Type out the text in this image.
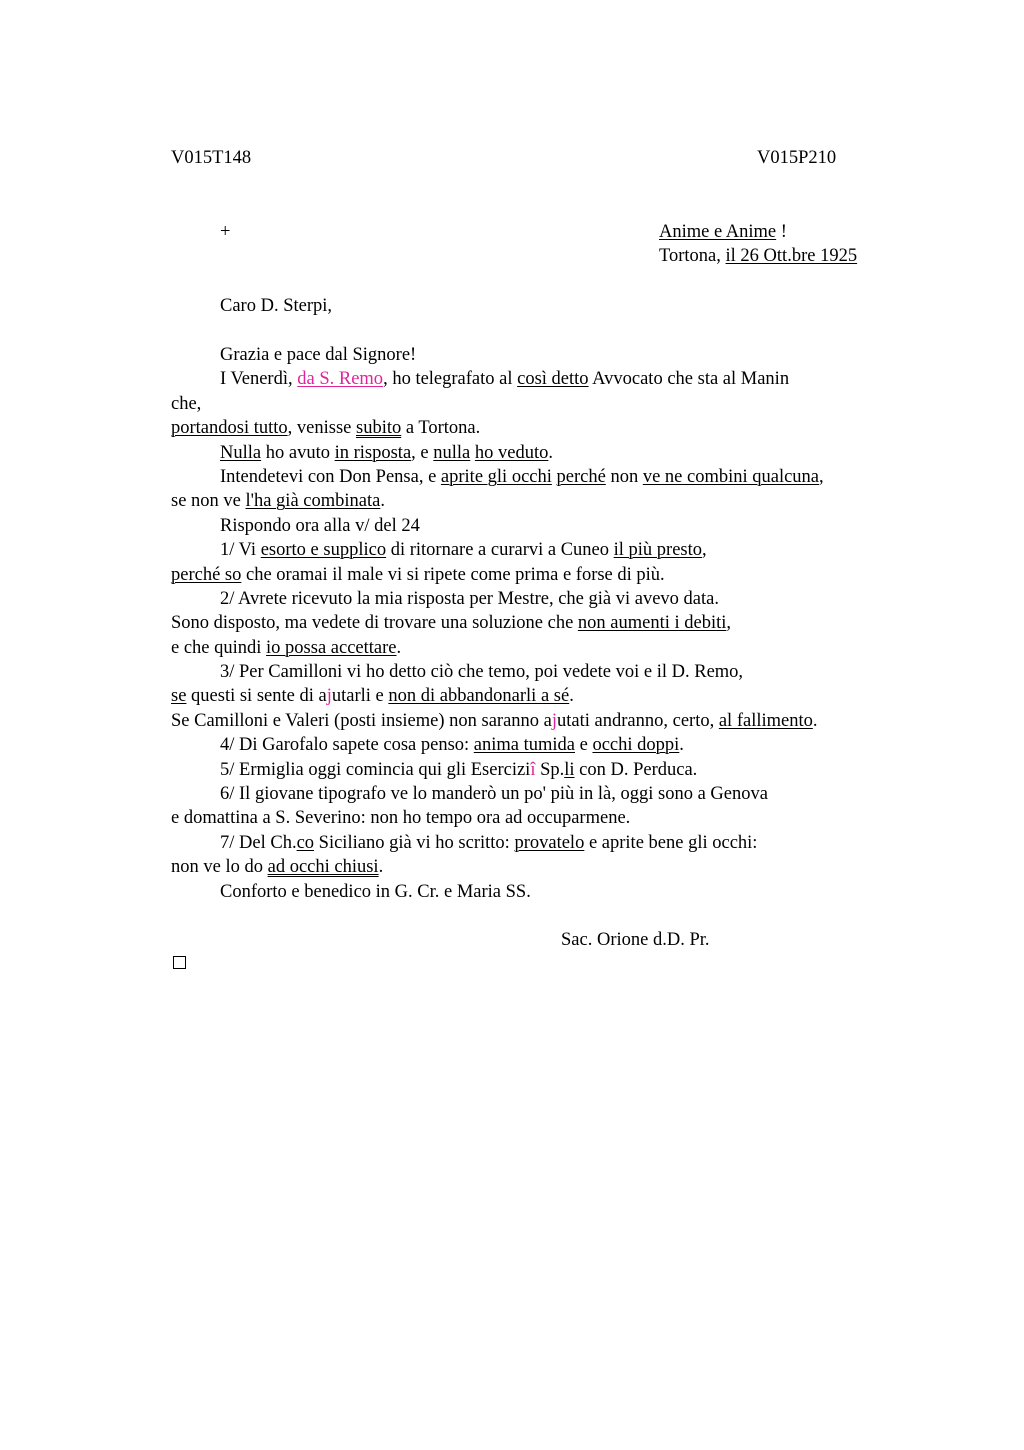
V015T148	V015P210
+	Anime e Anime !
Tortona, il 26 Ott.bre 1925
Caro D. Sterpi,
Grazia e pace dal Signore!
I Venerdì, da S. Remo, ho telegrafato al così detto Avvocato che sta al Manin
che,
portandosi tutto, venisse subito a Tortona.
Nulla ho avuto in risposta, e nulla ho veduto.
Intendetevi con Don Pensa, e aprite gli occhi perché non ve ne combini qualcuna,
se non ve l'ha già combinata.
Rispondo ora alla v/ del 24
1/ Vi esorto e supplico di ritornare a curarvi a Cuneo il più presto,
perché so che oramai il male vi si ripete come prima e forse di più.
2/ Avrete ricevuto la mia risposta per Mestre, che già vi avevo data.
Sono disposto, ma vedete di trovare una soluzione che non aumenti i debiti,
e che quindi io possa accettare.
3/ Per Camilloni vi ho detto ciò che temo, poi vedete voi e il D. Remo,
se questi si sente di ajutarli e non di abbandonarli a sé.
Se Camilloni e Valeri (posti insieme) non saranno ajutati andranno, certo, al fallimento.
4/ Di Garofalo sapete cosa penso: anima tumida e occhi doppi.
5/ Ermiglia oggi comincia qui gli Eserciziî Sp.li con D. Perduca.
6/ Il giovane tipografo ve lo manderò un po' più in là, oggi sono a Genova
e domattina a S. Severino: non ho tempo ora ad occuparmene.
7/ Del Ch.co Siciliano già vi ho scritto: provatelo e aprite bene gli occhi:
non ve lo do ad occhi chiusi.
Conforto e benedico in G. Cr. e Maria SS.
Sac. Orione d.D. Pr.
